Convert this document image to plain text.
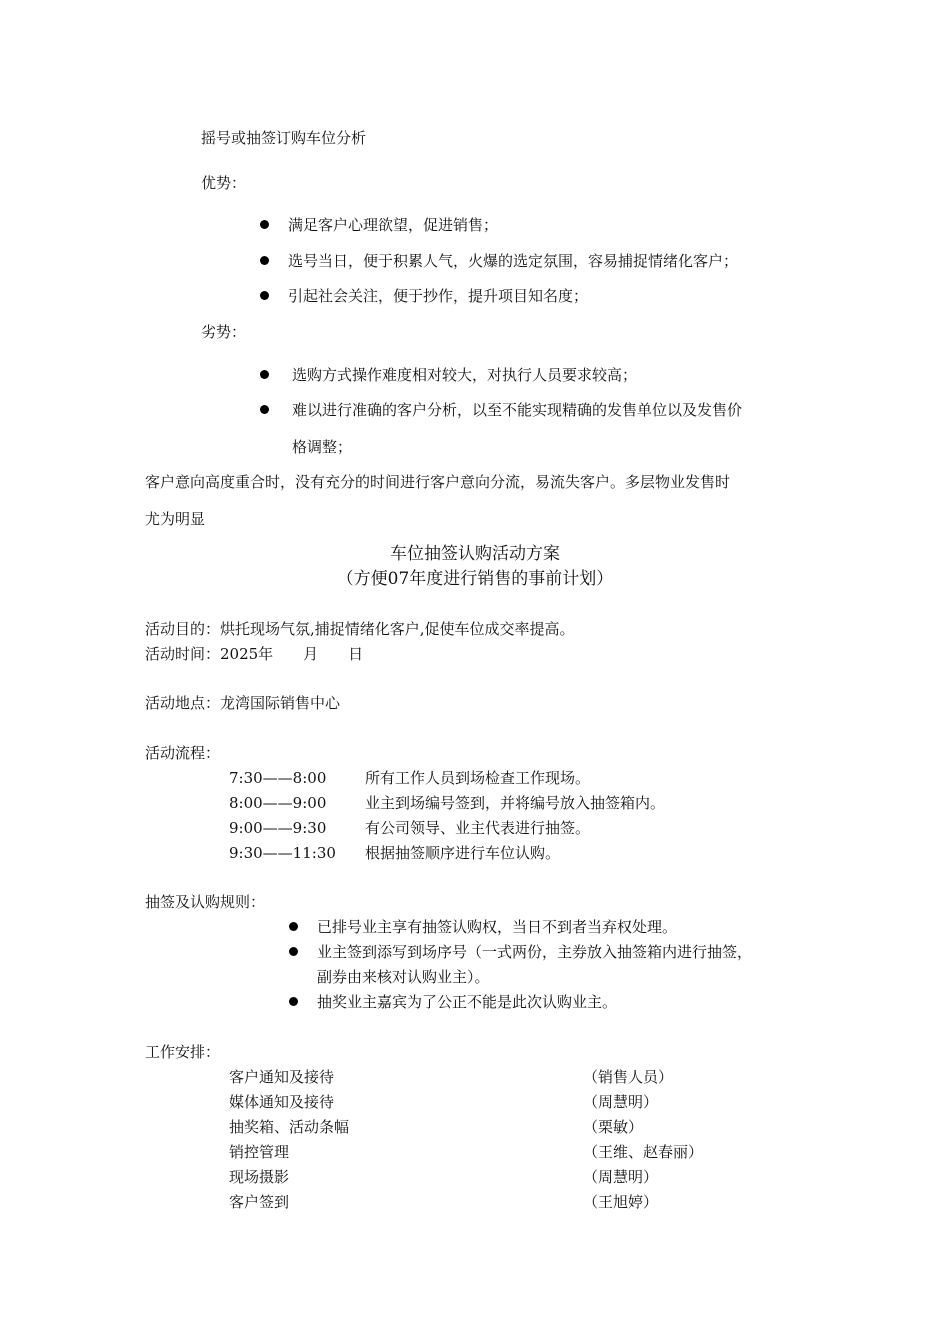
摇号或抽签订购车位分析
优势：
满足客户心理欲望，促进销售；
选号当日，便于积累人气，火爆的选定氛围，容易捕捉情绪化客户；
引起社会关注，便于抄作，提升项目知名度；
劣势：
选购方式操作难度相对较大，对执行人员要求较高；
难以进行准确的客户分析，以至不能实现精确的发售单位以及发售价
格调整；
客户意向高度重合时，没有充分的时间进行客户意向分流，易流失客户。多层物业发售时
尤为明显
车位抽签认购活动方案
（方便07年度进行销售的事前计划）
活动目的：烘托现场气氛,捕捉情绪化客户,促使车位成交率提高。
活动时间：2025年　　月　　日
活动地点：龙湾国际销售中心
活动流程：
7:30——8:00	所有工作人员到场检查工作现场。
8:00——9:00	业主到场编号签到，并将编号放入抽签箱内。
9:00——9:30	有公司领导、业主代表进行抽签。
9:30——11:30 根据抽签顺序进行车位认购。
抽签及认购规则：
已排号业主享有抽签认购权，当日不到者当弃权处理。
业主签到添写到场序号（一式两份，主券放入抽签箱内进行抽签，
副券由来核对认购业主）。
抽奖业主嘉宾为了公正不能是此次认购业主。
工作安排：
客户通知及接待	（销售人员）
媒体通知及接待	（周慧明）
抽奖箱、活动条幅	（栗敏）
销控管理	（王维、赵春丽）
现场摄影	（周慧明）
客户签到	（王旭婷）
